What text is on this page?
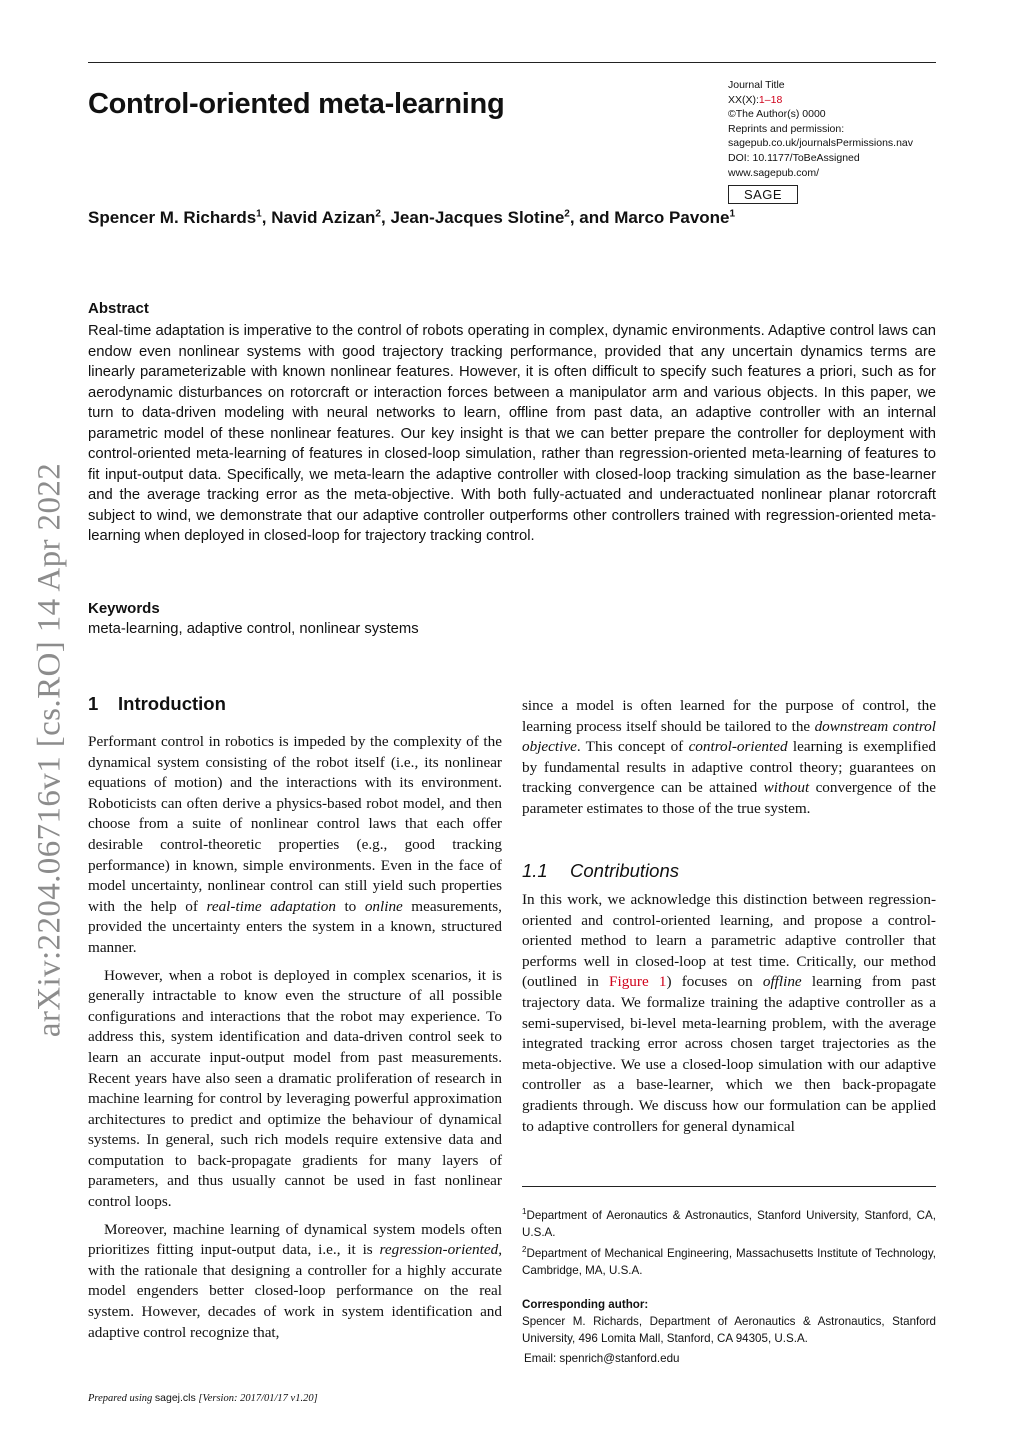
Control-oriented meta-learning
Journal Title
XX(X):1–18
©The Author(s) 0000
Reprints and permission:
sagepub.co.uk/journalsPermissions.nav
DOI: 10.1177/ToBeAssigned
www.sagepub.com/
SAGE
Spencer M. Richards$^1$, Navid Azizan$^2$, Jean-Jacques Slotine$^2$, and Marco Pavone$^1$
Abstract
Real-time adaptation is imperative to the control of robots operating in complex, dynamic environments. Adaptive control laws can endow even nonlinear systems with good trajectory tracking performance, provided that any uncertain dynamics terms are linearly parameterizable with known nonlinear features. However, it is often difficult to specify such features a priori, such as for aerodynamic disturbances on rotorcraft or interaction forces between a manipulator arm and various objects. In this paper, we turn to data-driven modeling with neural networks to learn, offline from past data, an adaptive controller with an internal parametric model of these nonlinear features. Our key insight is that we can better prepare the controller for deployment with control-oriented meta-learning of features in closed-loop simulation, rather than regression-oriented meta-learning of features to fit input-output data. Specifically, we meta-learn the adaptive controller with closed-loop tracking simulation as the base-learner and the average tracking error as the meta-objective. With both fully-actuated and underactuated nonlinear planar rotorcraft subject to wind, we demonstrate that our adaptive controller outperforms other controllers trained with regression-oriented meta-learning when deployed in closed-loop for trajectory tracking control.
Keywords
meta-learning, adaptive control, nonlinear systems
arXiv:2204.06716v1 [cs.RO] 14 Apr 2022 1 Introduction

Performant control in robotics is impeded by the complexity of the dynamical system consisting of the robot itself (i.e., its nonlinear equations of motion) and the interactions with its environment. Roboticists can often derive a physics-based robot model, and then choose from a suite of nonlinear control laws that each offer desirable control-theoretic properties (e.g., good tracking performance) in known, simple environments. Even in the face of model uncertainty, nonlinear control can still yield such properties with the help of real-time adaptation to online measurements, provided the uncertainty enters the system in a known, structured manner.

However, when a robot is deployed in complex scenarios, it is generally intractable to know even the structure of all possible configurations and interactions that the robot may experience. To address this, system identification and data-driven control seek to learn an accurate input-output model from past measurements. Recent years have also seen a dramatic proliferation of research in machine learning for control by leveraging powerful approximation architectures to predict and optimize the behaviour of dynamical systems. In general, such rich models require extensive data and computation to back-propagate gradients for many layers of parameters, and thus usually cannot be used in fast nonlinear control loops.

Moreover, machine learning of dynamical system models often prioritizes fitting input-output data, i.e., it is regression-oriented, with the rationale that designing a controller for a highly accurate model engenders better closed-loop performance on the real system. However, decades of work in system identification and adaptive control recognize that,

since a model is often learned for the purpose of control, the learning process itself should be tailored to the downstream control objective. This concept of control-oriented learning is exemplified by fundamental results in adaptive control theory; guarantees on tracking convergence can be attained without convergence of the parameter estimates to those of the true system.

1.1 Contributions

In this work, we acknowledge this distinction between regression-oriented and control-oriented learning, and propose a control-oriented method to learn a parametric adaptive controller that performs well in closed-loop at test time. Critically, our method (outlined in Figure 1) focuses on offline learning from past trajectory data. We formalize training the adaptive controller as a semi-supervised, bi-level meta-learning problem, with the average integrated tracking error across chosen target trajectories as the meta-objective. We use a closed-loop simulation with our adaptive controller as a base-learner, which we then back-propagate gradients through. We discuss how our formulation can be applied to adaptive controllers for general dynamical

$^1$Department of Aeronautics & Astronautics, Stanford University, Stanford, CA, U.S.A.

$^2$Department of Mechanical Engineering, Massachusetts Institute of Technology, Cambridge, MA, U.S.A.

Corresponding author:

Spencer M. Richards, Department of Aeronautics & Astronautics, Stanford University, 496 Lomita Mall, Stanford, CA 94305, U.S.A.

Email: spenrich@stanford.edu

Prepared using sagej.cls [Version: 2017/01/17 v1.20]
